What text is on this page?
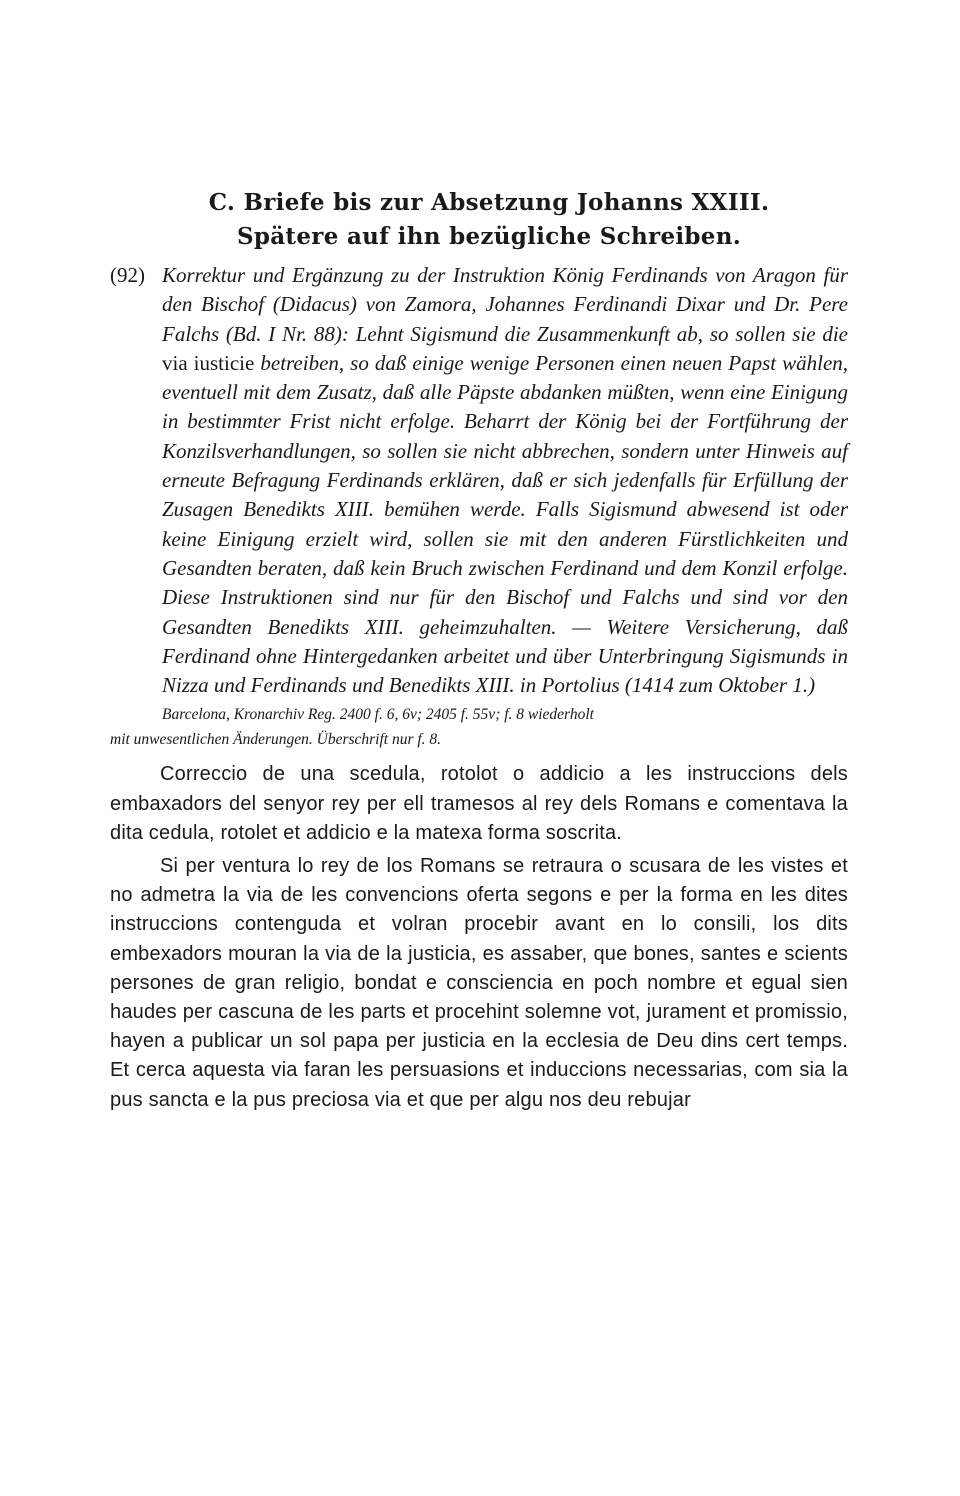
C. Briefe bis zur Absetzung Johanns XXIII.
Spätere auf ihn bezügliche Schreiben.
(92) Korrektur und Ergänzung zu der Instruktion König Ferdinands von Aragon für den Bischof (Didacus) von Zamora, Johannes Ferdinandi Dixar und Dr. Pere Falchs (Bd. I Nr. 88): Lehnt Sigismund die Zusammenkunft ab, so sollen sie die via iusticie betreiben, so daß einige wenige Personen einen neuen Papst wählen, eventuell mit dem Zusatz, daß alle Päpste abdanken müßten, wenn eine Einigung in bestimmter Frist nicht erfolge. Beharrt der König bei der Fortführung der Konzilsverhandlungen, so sollen sie nicht abbrechen, sondern unter Hinweis auf erneute Befragung Ferdinands erklären, daß er sich jedenfalls für Erfüllung der Zusagen Benedikts XIII. bemühen werde. Falls Sigismund abwesend ist oder keine Einigung erzielt wird, sollen sie mit den anderen Fürstlichkeiten und Gesandten beraten, daß kein Bruch zwischen Ferdinand und dem Konzil erfolge. Diese Instruktionen sind nur für den Bischof und Falchs und sind vor den Gesandten Benedikts XIII. geheimzuhalten. — Weitere Versicherung, daß Ferdinand ohne Hintergedanken arbeitet und über Unterbringung Sigismunds in Nizza und Ferdinands und Benedikts XIII. in Portolius (1414 zum Oktober 1.)
Barcelona, Kronarchiv Reg. 2400 f. 6, 6v; 2405 f. 55v; f. 8 wiederholt
mit unwesentlichen Änderungen. Überschrift nur f. 8.

Correccio de una scedula, rotolot o addicio a les instruccions dels embaxadors del senyor rey per ell tramesos al rey dels Romans e comentava la dita cedula, rotolet et addicio e la matexa forma soscrita.

Si per ventura lo rey de los Romans se retraura o scusara de les vistes et no admetra la via de les convencions oferta segons e per la forma en les dites instruccions contenguda et volran procebir avant en lo consili, los dits embexadors mouran la via de la justicia, es assaber, que bones, santes e scients persones de gran religio, bondat e consciencia en poch nombre et egual sien haudes per cascuna de les parts et procehint solemne vot, jurament et promissio, hayen a publicar un sol papa per justicia en la ecclesia de Deu dins cert temps. Et cerca aquesta via faran les persuasions et induccions necessarias, com sia la pus sancta e la pus preciosa via et que per algu nos deu rebujar
